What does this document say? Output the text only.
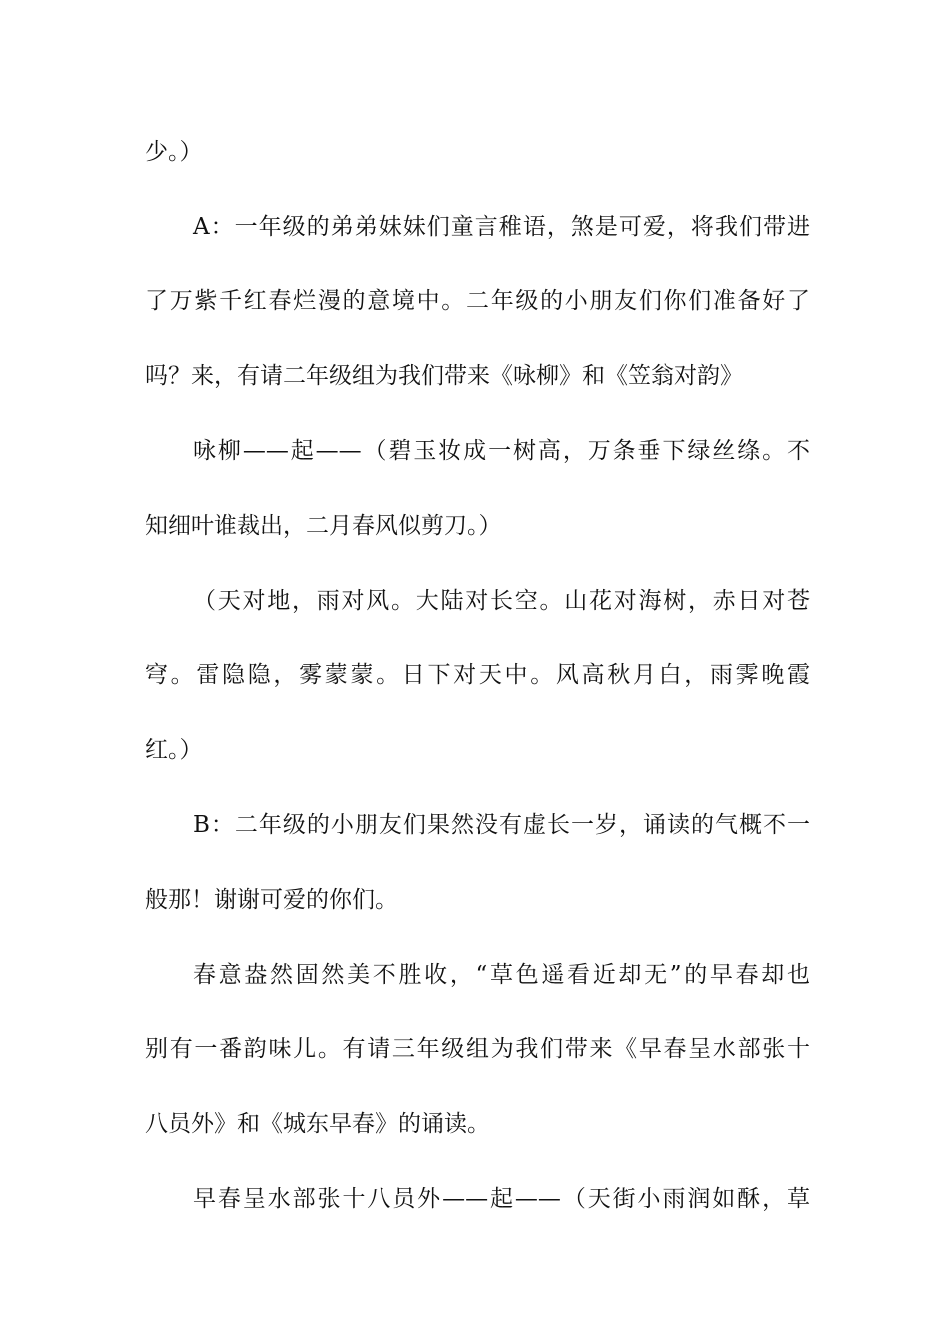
少。）
A：一年级的弟弟妹妹们童言稚语，煞是可爱，将我们带进
了万紫千红春烂漫的意境中。二年级的小朋友们你们准备好了
吗？来，有请二年级组为我们带来《咏柳》和《笠翁对韵》
咏柳——起——（碧玉妆成一树高，万条垂下绿丝绦。不
知细叶谁裁出，二月春风似剪刀。）
（天对地，雨对风。大陆对长空。山花对海树，赤日对苍
穹。雷隐隐，雾蒙蒙。日下对天中。风高秋月白，雨霁晚霞
红。）
B：二年级的小朋友们果然没有虚长一岁，诵读的气概不一
般那！谢谢可爱的你们。
春意盎然固然美不胜收，“草色遥看近却无”的早春却也
别有一番韵味儿。有请三年级组为我们带来《早春呈水部张十
八员外》和《城东早春》的诵读。
早春呈水部张十八员外——起——（天街小雨润如酥，草
